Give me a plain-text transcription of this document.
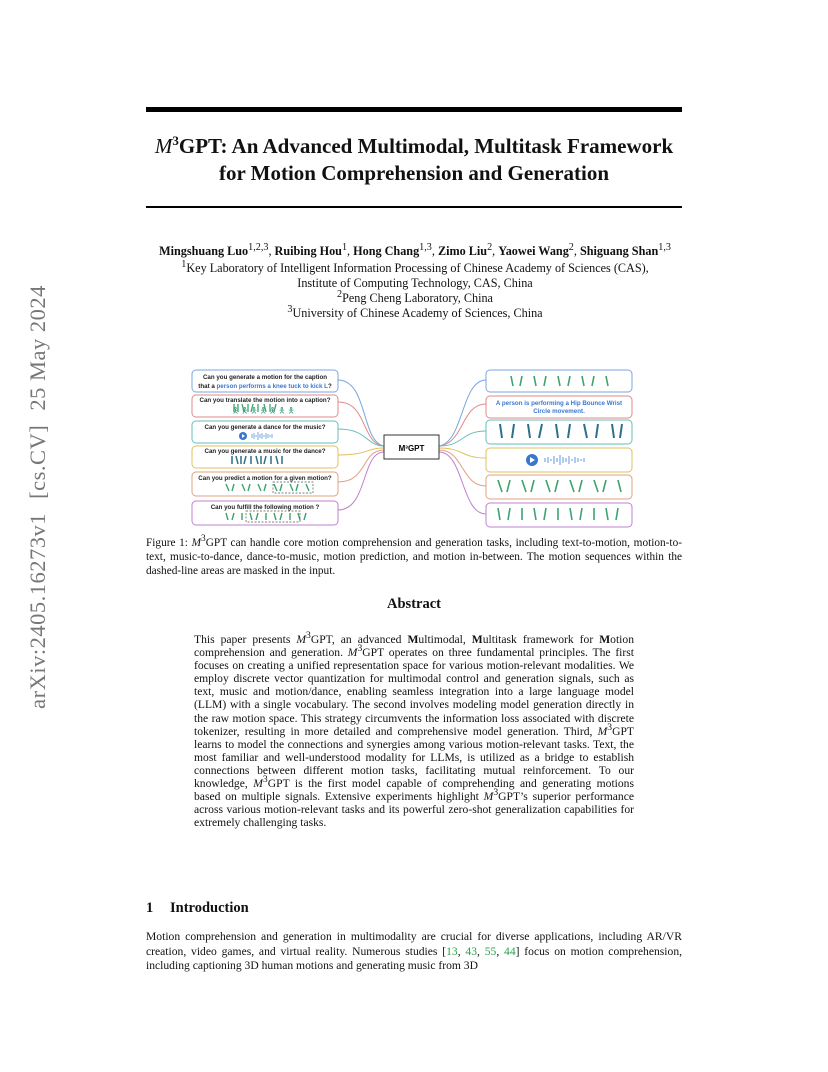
arXiv:2405.16273v1 [cs.CV] 25 May 2024
$M^3GPT$: An Advanced Multimodal, Multitask Framework
for Motion Comprehension and Generation
Mingshuang Luo$^{1,2,3}$, Ruibing Hou$^1$, Hong Chang$^{1,3}$, Zimo Liu$^2$, Yaowei Wang$^2$, Shiguang Shan$^{1,3}$
$^1$Key Laboratory of Intelligent Information Processing of Chinese Academy of Sciences (CAS),
Institute of Computing Technology, CAS, China
$^2$Peng Cheng Laboratory, China
$^3$University of Chinese Academy of Sciences, China
Can you generate a motion for the caption
that a person performs a knee tuck to kick L?
Can you translate the motion into a caption?
Can you generate a dance for the music?
Can you generate a music for the dance?
Can you predict a motion for a given motion?
Can you fulfill the following motion ?
🯅 🯅 🯅 🯅 🯅 🯅 🯅
M³GPT
A person is performing a Hip Bounce Wrist
Circle movement.
Figure 1: $M^3GPT$ can handle core motion comprehension and generation tasks, including text-to-motion, motion-to-text, music-to-dance, dance-to-music, motion prediction, and motion in-between. The motion sequences within the dashed-line areas are masked in the input.
Abstract
This paper presents $M^3GPT$, an advanced Multimodal, Multitask framework for Motion comprehension and generation. $M^3GPT$ operates on three fundamental principles. The first focuses on creating a unified representation space for various motion-relevant modalities. We employ discrete vector quantization for multimodal control and generation signals, such as text, music and motion/dance, enabling seamless integration into a large language model (LLM) with a single vocabulary. The second involves modeling model generation directly in the raw motion space. This strategy circumvents the information loss associated with discrete tokenizer, resulting in more detailed and comprehensive model generation. Third, $M^3GPT$ learns to model the connections and synergies among various motion-relevant tasks. Text, the most familiar and well-understood modality for LLMs, is utilized as a bridge to establish connections between different motion tasks, facilitating mutual reinforcement. To our knowledge, $M^3GPT$ is the first model capable of comprehending and generating motions based on multiple signals. Extensive experiments highlight $M^3GPT’s$ superior performance across various motion-relevant tasks and its powerful zero-shot generalization capabilities for extremely challenging tasks.
1 Introduction
Motion comprehension and generation in multimodality are crucial for diverse applications, including AR/VR creation, video games, and virtual reality. Numerous studies [13, 43, 55, 44] focus on motion comprehension, including captioning 3D human motions and generating music from 3D
